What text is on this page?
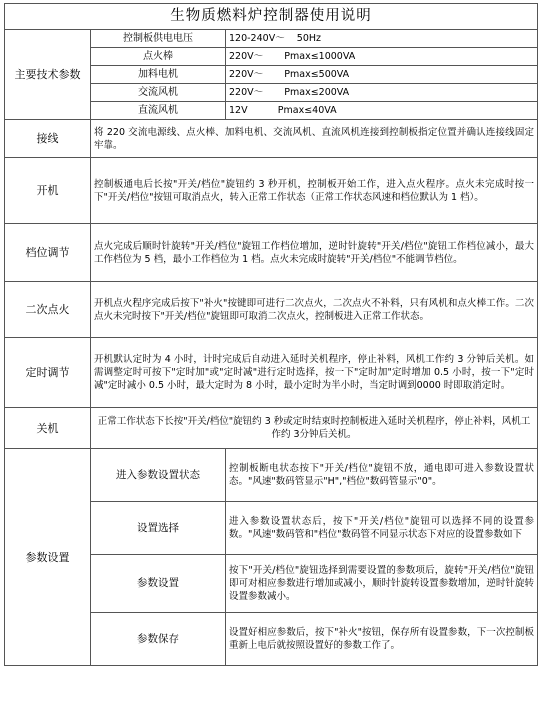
生物质燃料炉控制器使用说明		
主要技术参数	控制板供电电压	120-240V～    50Hz
	点火棒	220V～       Pmax≤1000VA
	加料电机	220V～       Pmax≤500VA
	交流风机	220V～       Pmax≤200VA
	直流风机	12V          Pmax≤40VA
接线	将 220 交流电源线、点火棒、加料电机、交流风机、直流风机连接到控制板指定位置并确认连接线固定牢靠。	
开机	控制板通电后长按"开关/档位"旋钮约 3 秒开机，控制板开始工作，进入点火程序。点火未完成时按一下"开关/档位"按钮可取消点火，转入正常工作状态（正常工作状态风速和档位默认为 1 档）。	
档位调节	点火完成后顺时针旋转"开关/档位"旋钮工作档位增加，逆时针旋转"开关/档位"旋钮工作档位减小，最大工作档位为 5 档，最小工作档位为 1 档。点火未完成时旋转"开关/档位"不能调节档位。	
二次点火	开机点火程序完成后按下"补火"按键即可进行二次点火，二次点火不补料，只有风机和点火棒工作。二次点火未完时按下"开关/档位"旋钮即可取消二次点火，控制板进入正常工作状态。	
定时调节	开机默认定时为 4 小时，计时完成后自动进入延时关机程序，停止补料，风机工作约 3 分钟后关机。如需调整定时可按下"定时加"或"定时减"进行定时选择，按一下"定时加"定时增加 0.5 小时，按一下"定时减"定时减小 0.5 小时，最大定时为 8 小时，最小定时为半小时，当定时调到0000 时即取消定时。	
关机	正常工作状态下长按"开关/档位"旋钮约 3 秒或定时结束时控制板进入延时关机程序，停止补料，风机工作约 3分钟后关机。	
参数设置	进入参数设置状态	控制板断电状态按下"开关/档位"旋钮不放，通电即可进入参数设置状态。"风速"数码管显示"H","档位"数码管显示"0"。
	设置选择	进入参数设置状态后，按下"开关/档位"旋钮可以选择不同的设置参数。"风速"数码管和"档位"数码管不同显示状态下对应的设置参数如下
	参数设置	按下"开关/档位"旋钮选择到需要设置的参数项后，旋转"开关/档位"旋钮即可对相应参数进行增加或减小，顺时针旋转设置参数增加，逆时针旋转设置参数减小。
	参数保存	设置好相应参数后，按下"补火"按钮，保存所有设置参数，下一次控制板重新上电后就按照设置好的参数工作了。
